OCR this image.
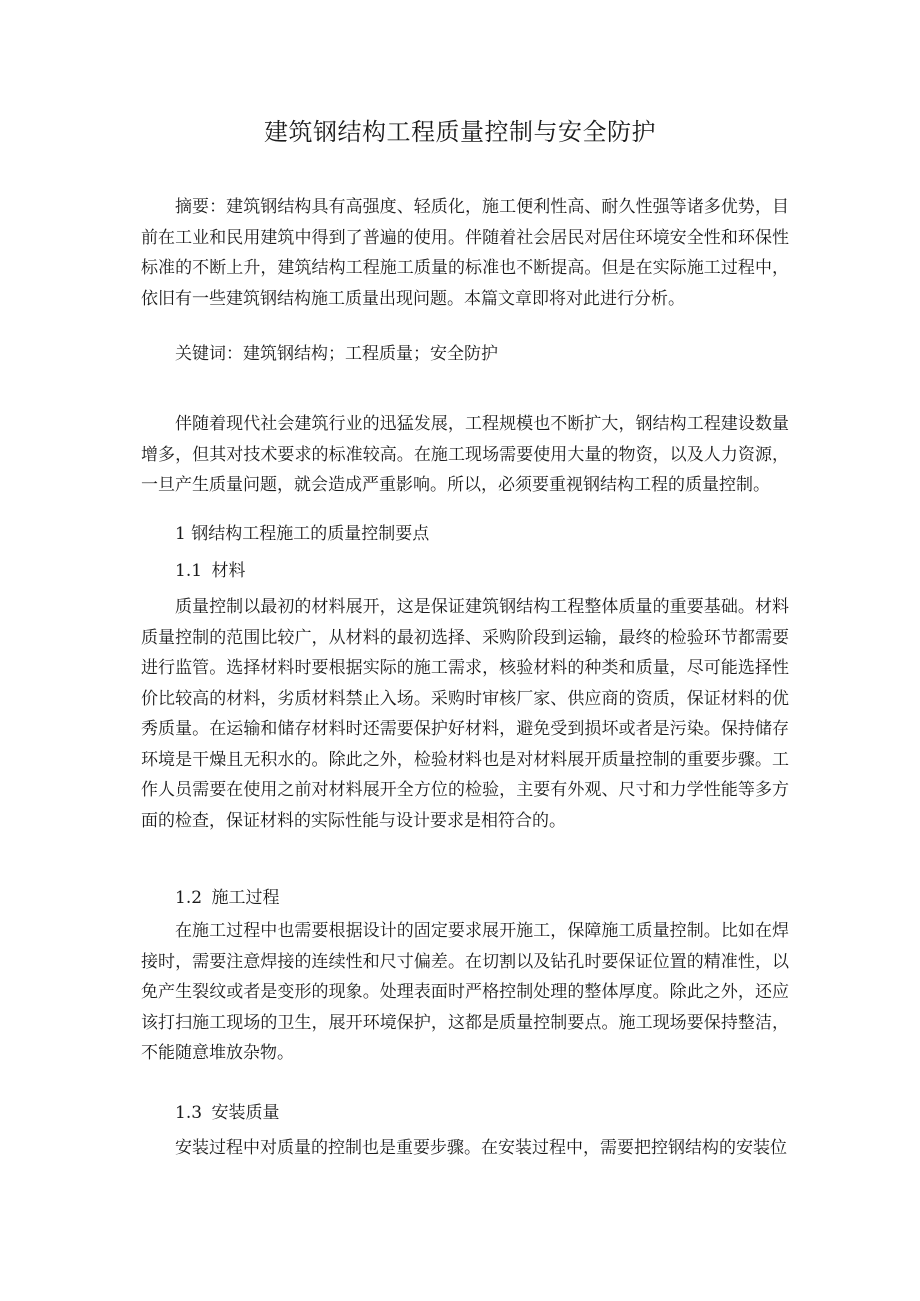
建筑钢结构工程质量控制与安全防护

摘要：建筑钢结构具有高强度、轻质化，施工便利性高、耐久性强等诸多优势，目前在工业和民用建筑中得到了普遍的使用。伴随着社会居民对居住环境安全性和环保性标准的不断上升，建筑结构工程施工质量的标准也不断提高。但是在实际施工过程中，依旧有一些建筑钢结构施工质量出现问题。本篇文章即将对此进行分析。

关键词：建筑钢结构；工程质量；安全防护

伴随着现代社会建筑行业的迅猛发展，工程规模也不断扩大，钢结构工程建设数量增多，但其对技术要求的标准较高。在施工现场需要使用大量的物资，以及人力资源，一旦产生质量问题，就会造成严重影响。所以，必须要重视钢结构工程的质量控制。

1 钢结构工程施工的质量控制要点

1.1 材料

质量控制以最初的材料展开，这是保证建筑钢结构工程整体质量的重要基础。材料质量控制的范围比较广，从材料的最初选择、采购阶段到运输，最终的检验环节都需要进行监管。选择材料时要根据实际的施工需求，核验材料的种类和质量，尽可能选择性价比较高的材料，劣质材料禁止入场。采购时审核厂家、供应商的资质，保证材料的优秀质量。在运输和储存材料时还需要保护好材料，避免受到损坏或者是污染。保持储存环境是干燥且无积水的。除此之外，检验材料也是对材料展开质量控制的重要步骤。工作人员需要在使用之前对材料展开全方位的检验，主要有外观、尺寸和力学性能等多方面的检查，保证材料的实际性能与设计要求是相符合的。

1.2 施工过程

在施工过程中也需要根据设计的固定要求展开施工，保障施工质量控制。比如在焊接时，需要注意焊接的连续性和尺寸偏差。在切割以及钻孔时要保证位置的精准性，以免产生裂纹或者是变形的现象。处理表面时严格控制处理的整体厚度。除此之外，还应该打扫施工现场的卫生，展开环境保护，这都是质量控制要点。施工现场要保持整洁，不能随意堆放杂物。

1.3 安装质量

安装过程中对质量的控制也是重要步骤。在安装过程中，需要把控钢结构的安装位
